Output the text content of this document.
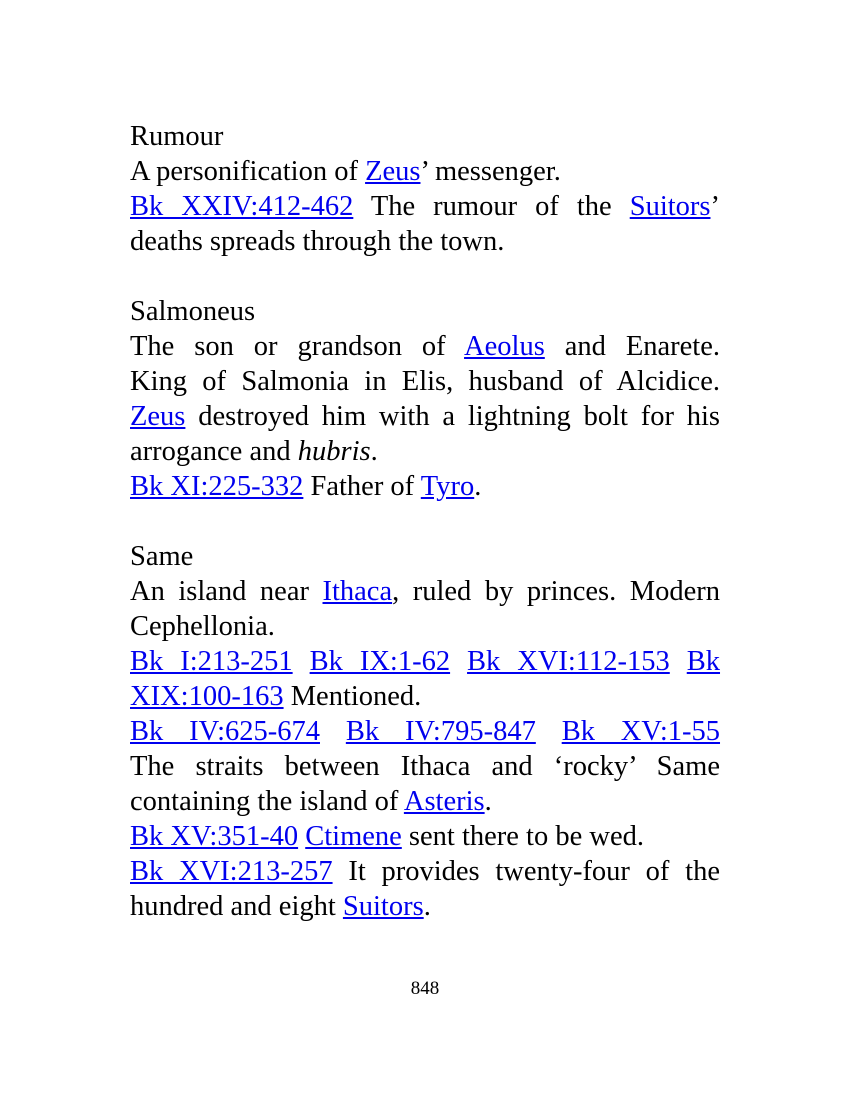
Rumour
A personification of Zeus’ messenger.
Bk XXIV:412-462 The rumour of the Suitors’
deaths spreads through the town.
Salmoneus
The son or grandson of Aeolus and Enarete.
King of Salmonia in Elis, husband of Alcidice.
Zeus destroyed him with a lightning bolt for his
arrogance and hubris.
Bk XI:225-332 Father of Tyro.
Same
An island near Ithaca, ruled by princes. Modern
Cephellonia.
Bk I:213-251 Bk IX:1-62 Bk XVI:112-153 Bk
XIX:100-163 Mentioned.
Bk IV:625-674 Bk IV:795-847 Bk XV:1-55
The straits between Ithaca and ‘rocky’ Same
containing the island of Asteris.
Bk XV:351-40 Ctimene sent there to be wed.
Bk XVI:213-257 It provides twenty-four of the
hundred and eight Suitors.
848
